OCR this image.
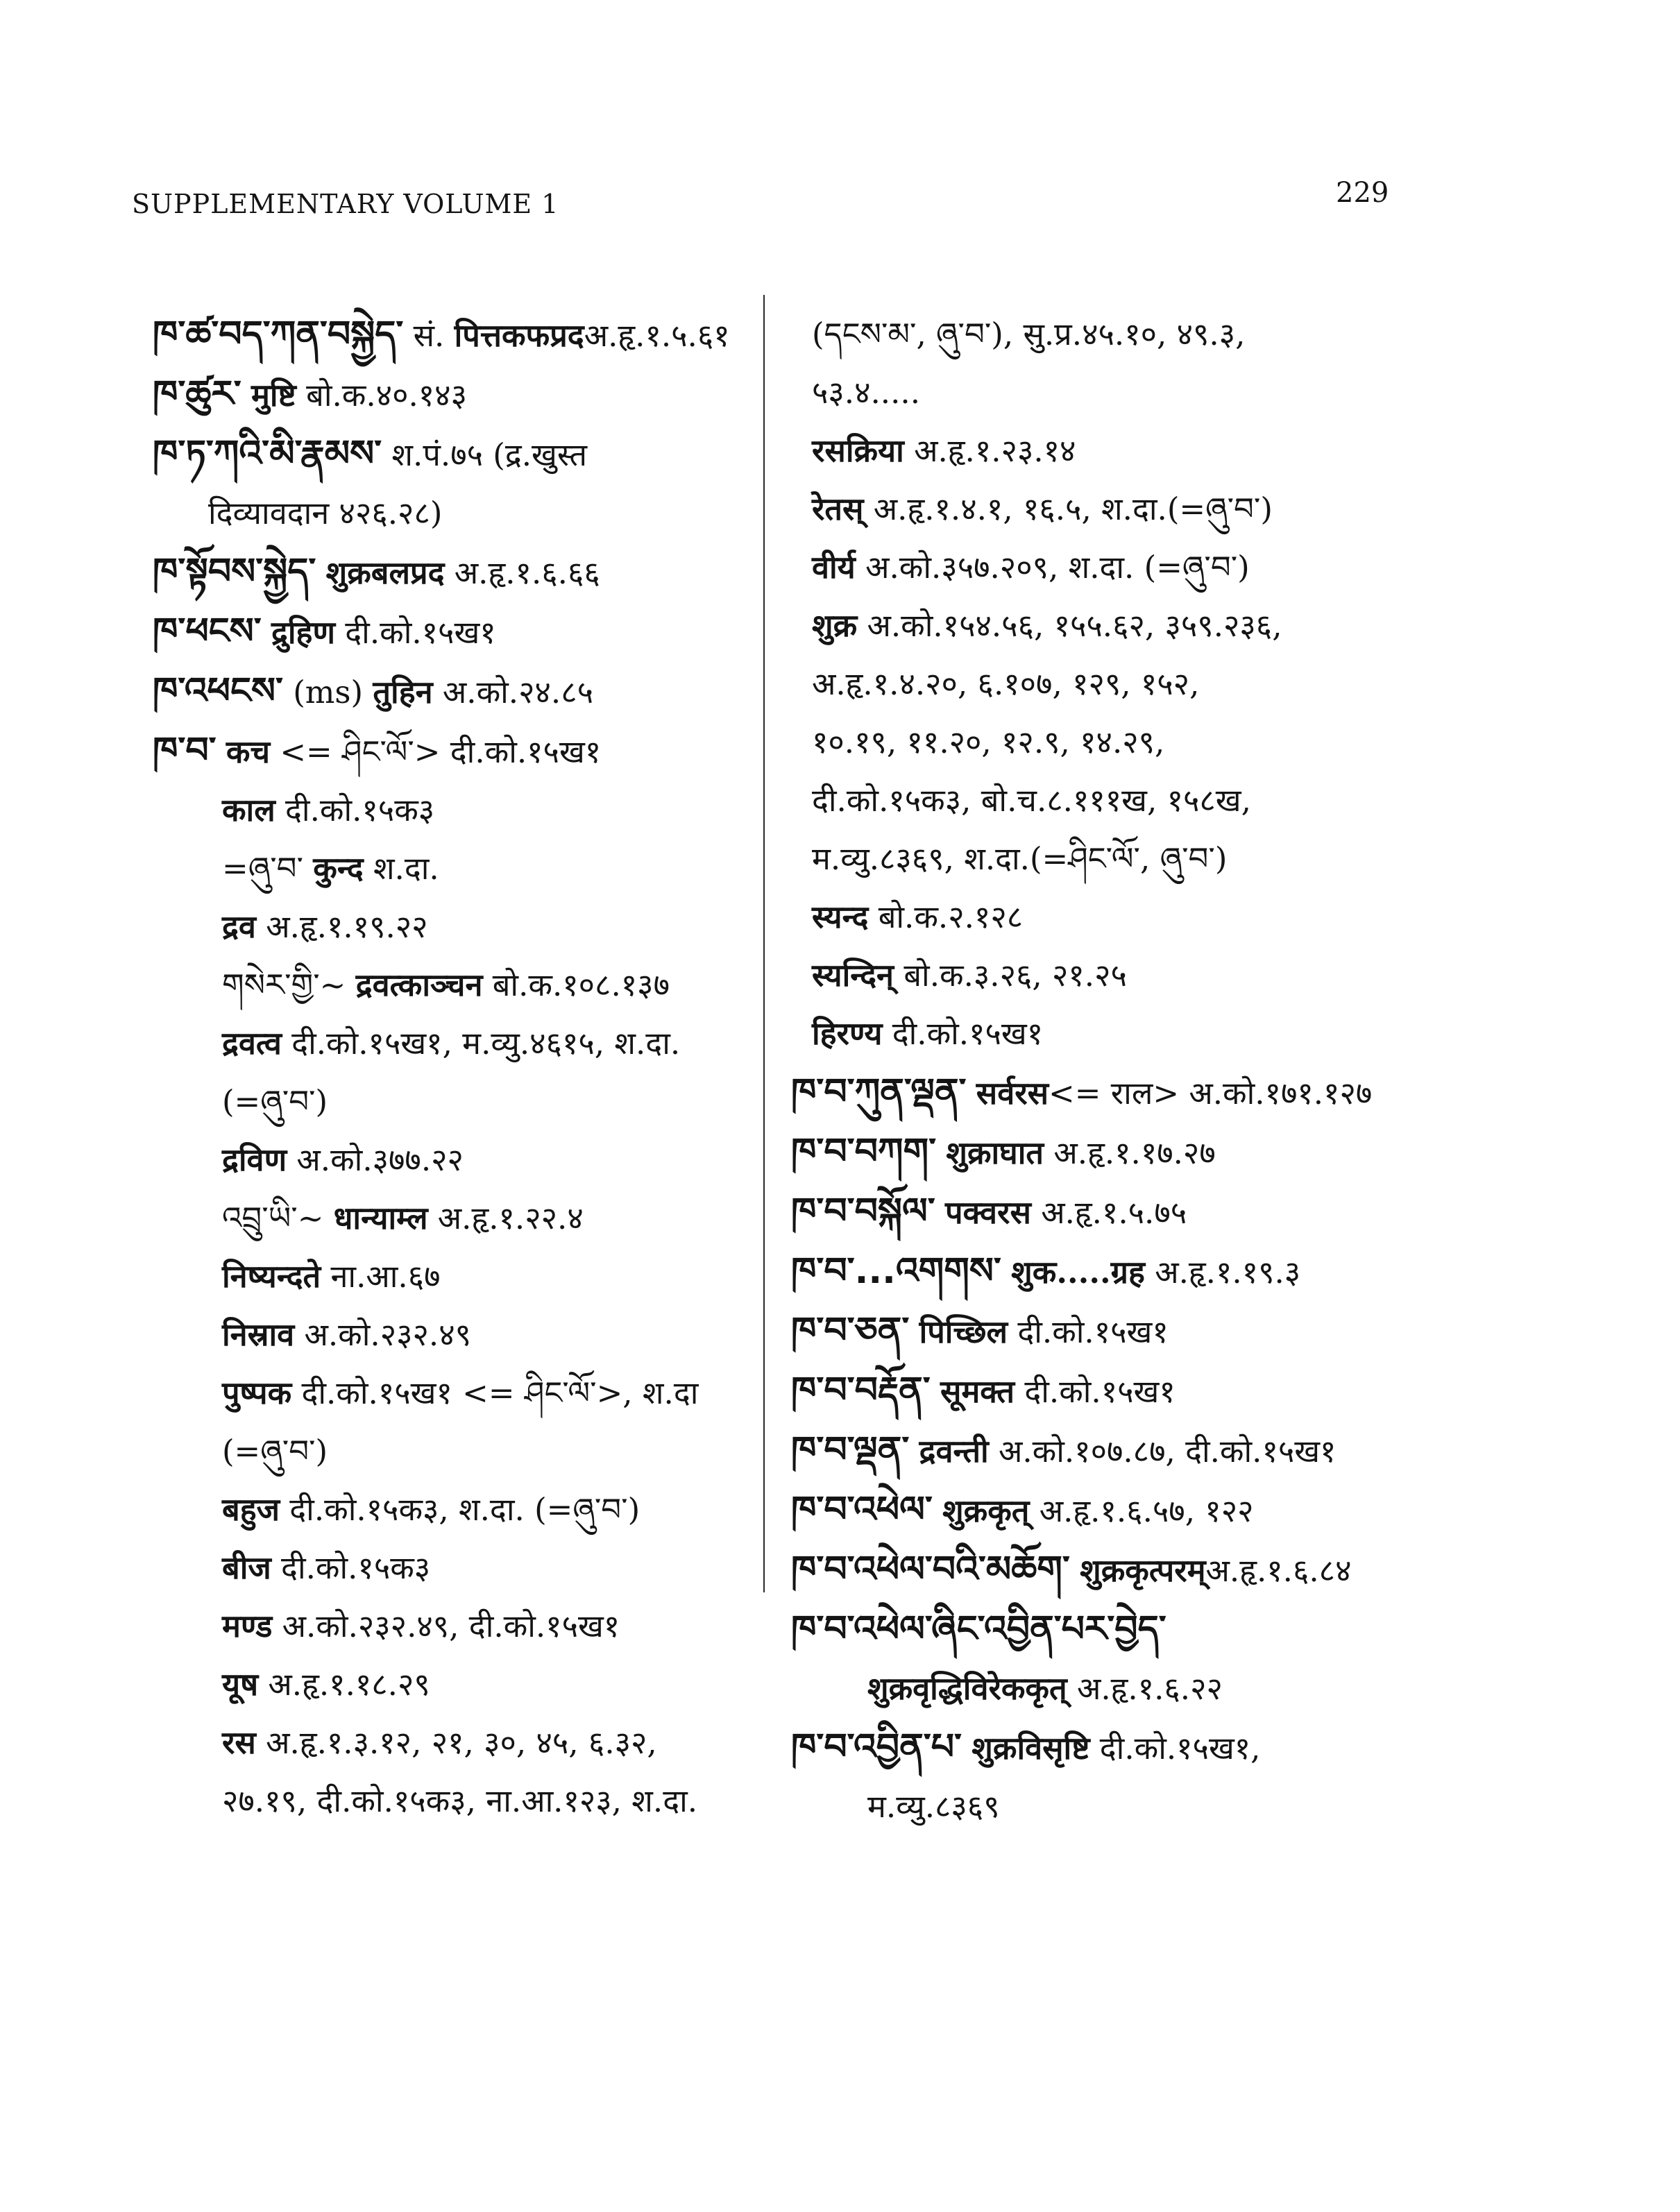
SUPPLEMENTARY VOLUME 1	229
ཁ་ཚ་བད་ཀན་བསྐྱེད་ सं. पित्तकफप्रदअ.हृ.१.५.६१
ཁ་ཚུར་ मुष्टि बो.क.४०.१४३
ཁ་ཏ་ཀའི་མི་རྣམས་ श.पं.७५ (द्र.खुस्त
दिव्यावदान ४२६.२८)
ཁ་སྟོབས་སྐྱེད་ शुक्रबलप्रद अ.हृ.१.६.६६
ཁ་ཕངས་ द्रुहिण दी.को.१५ख१
ཁ་འཕངས་ (ms) तुहिन अ.को.२४.८५
ཁ་བ་ कच <= ཤིང་ལོ་> दी.को.१५ख१
काल दी.को.१५क३
=ཞུ་བ་ कुन्द श.दा.
द्रव अ.हृ.१.१९.२२
གསེར་གྱི་~ द्रवत्काञ्चन बो.क.१०८.१३७
द्रवत्व दी.को.१५ख१, म.व्यु.४६१५, श.दा.
(=ཞུ་བ་)
द्रविण अ.को.३७७.२२
འབྲུ་ཡི་~ धान्याम्ल अ.हृ.१.२२.४
निष्यन्दते ना.आ.६७
निस्राव अ.को.२३२.४९
पुष्पक दी.को.१५ख१ <= ཤིང་ལོ་>, श.दा
(=ཞུ་བ་)
बहुज दी.को.१५क३, श.दा. (=ཞུ་བ་)
बीज दी.को.१५क३
मण्ड अ.को.२३२.४९, दी.को.१५ख१
यूष अ.हृ.१.१८.२९
रस अ.हृ.१.३.१२, २१, ३०, ४५, ६.३२,
२७.१९, दी.को.१५क३, ना.आ.१२३, श.दा.
(དངས་མ་, ཞུ་བ་), सु.प्र.४५.१०, ४९.३,
५३.४.....
रसक्रिया अ.हृ.१.२३.१४
रेतस् अ.हृ.१.४.१, १६.५, श.दा.(=ཞུ་བ་)
वीर्य अ.को.३५७.२०९, श.दा. (=ཞུ་བ་)
शुक्र अ.को.१५४.५६, १५५.६२, ३५९.२३६,
अ.हृ.१.४.२०, ६.१०७, १२९, १५२,
१०.१९, ११.२०, १२.९, १४.२९,
दी.को.१५क३, बो.च.८.१११ख, १५८ख,
म.व्यु.८३६९, श.दा.(=ཤིང་ལོ་, ཞུ་བ་)
स्यन्द बो.क.२.१२८
स्यन्दिन् बो.क.३.२६, २१.२५
हिरण्य दी.को.१५ख१
ཁ་བ་ཀུན་ལྡན་ सर्वरस<= राल> अ.को.१७१.१२७
ཁ་བ་བཀག་ शुक्राघात अ.हृ.१.१७.२७
ཁ་བ་བསྐོལ་ पक्वरस अ.हृ.१.५.७५
ཁ་བ་...འགགས་ शुक.....ग्रह अ.हृ.१.१९.३
ཁ་བ་ཅན་ पिच्छिल दी.को.१५ख१
ཁ་བ་བརྡོན་ सूमक्त दी.को.१५ख१
ཁ་བ་ལྡན་ द्रवन्ती अ.को.१०७.८७, दी.को.१५ख१
ཁ་བ་འཕེལ་ शुक्रकृत् अ.हृ.१.६.५७, १२२
ཁ་བ་འཕེལ་བའི་མཆོག་ शुक्रकृत्परम्अ.हृ.१.६.८४
ཁ་བ་འཕེལ་ཞིང་འབྱིན་པར་བྱེད་
शुक्रवृद्धिविरेककृत् अ.हृ.१.६.२२
ཁ་བ་འབྱིན་པ་ शुक्रविसृष्टि दी.को.१५ख१,
म.व्यु.८३६९
